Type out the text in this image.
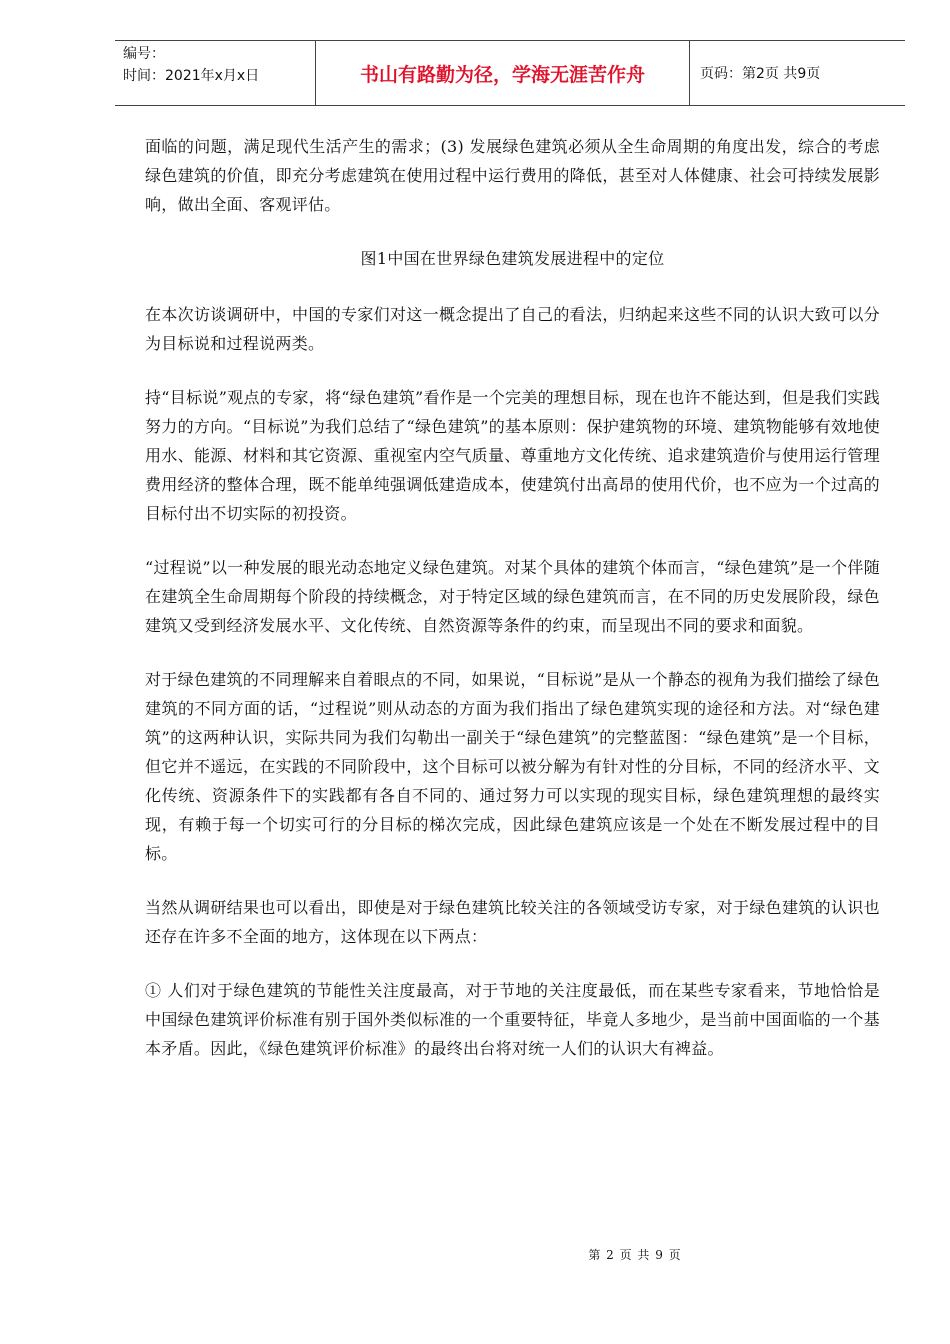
编号：
时间：2021年x月x日	书山有路勤为径，学海无涯苦作舟	页码：第2页 共9页

面临的问题，满足现代生活产生的需求；(3) 发展绿色建筑必须从全生命周期的角度出发，综合的考虑绿色建筑的价值，即充分考虑建筑在使用过程中运行费用的降低，甚至对人体健康、社会可持续发展影响，做出全面、客观评估。

图1中国在世界绿色建筑发展进程中的定位

在本次访谈调研中，中国的专家们对这一概念提出了自己的看法，归纳起来这些不同的认识大致可以分为目标说和过程说两类。

持“目标说”观点的专家，将“绿色建筑”看作是一个完美的理想目标，现在也许不能达到，但是我们实践努力的方向。“目标说”为我们总结了“绿色建筑”的基本原则：保护建筑物的环境、建筑物能够有效地使用水、能源、材料和其它资源、重视室内空气质量、尊重地方文化传统、追求建筑造价与使用运行管理费用经济的整体合理，既不能单纯强调低建造成本，使建筑付出高昂的使用代价，也不应为一个过高的目标付出不切实际的初投资。

“过程说”以一种发展的眼光动态地定义绿色建筑。对某个具体的建筑个体而言，“绿色建筑”是一个伴随在建筑全生命周期每个阶段的持续概念，对于特定区域的绿色建筑而言，在不同的历史发展阶段，绿色建筑又受到经济发展水平、文化传统、自然资源等条件的约束，而呈现出不同的要求和面貌。

对于绿色建筑的不同理解来自着眼点的不同，如果说，“目标说”是从一个静态的视角为我们描绘了绿色建筑的不同方面的话，“过程说”则从动态的方面为我们指出了绿色建筑实现的途径和方法。对“绿色建筑”的这两种认识，实际共同为我们勾勒出一副关于“绿色建筑”的完整蓝图：“绿色建筑”是一个目标，但它并不遥远，在实践的不同阶段中，这个目标可以被分解为有针对性的分目标，不同的经济水平、文化传统、资源条件下的实践都有各自不同的、通过努力可以实现的现实目标，绿色建筑理想的最终实现，有赖于每一个切实可行的分目标的梯次完成，因此绿色建筑应该是一个处在不断发展过程中的目标。

当然从调研结果也可以看出，即使是对于绿色建筑比较关注的各领域受访专家，对于绿色建筑的认识也还存在许多不全面的地方，这体现在以下两点：

① 人们对于绿色建筑的节能性关注度最高，对于节地的关注度最低，而在某些专家看来，节地恰恰是中国绿色建筑评价标准有别于国外类似标准的一个重要特征，毕竟人多地少，是当前中国面临的一个基本矛盾。因此，《绿色建筑评价标准》的最终出台将对统一人们的认识大有裨益。

第 2 页 共 9 页
